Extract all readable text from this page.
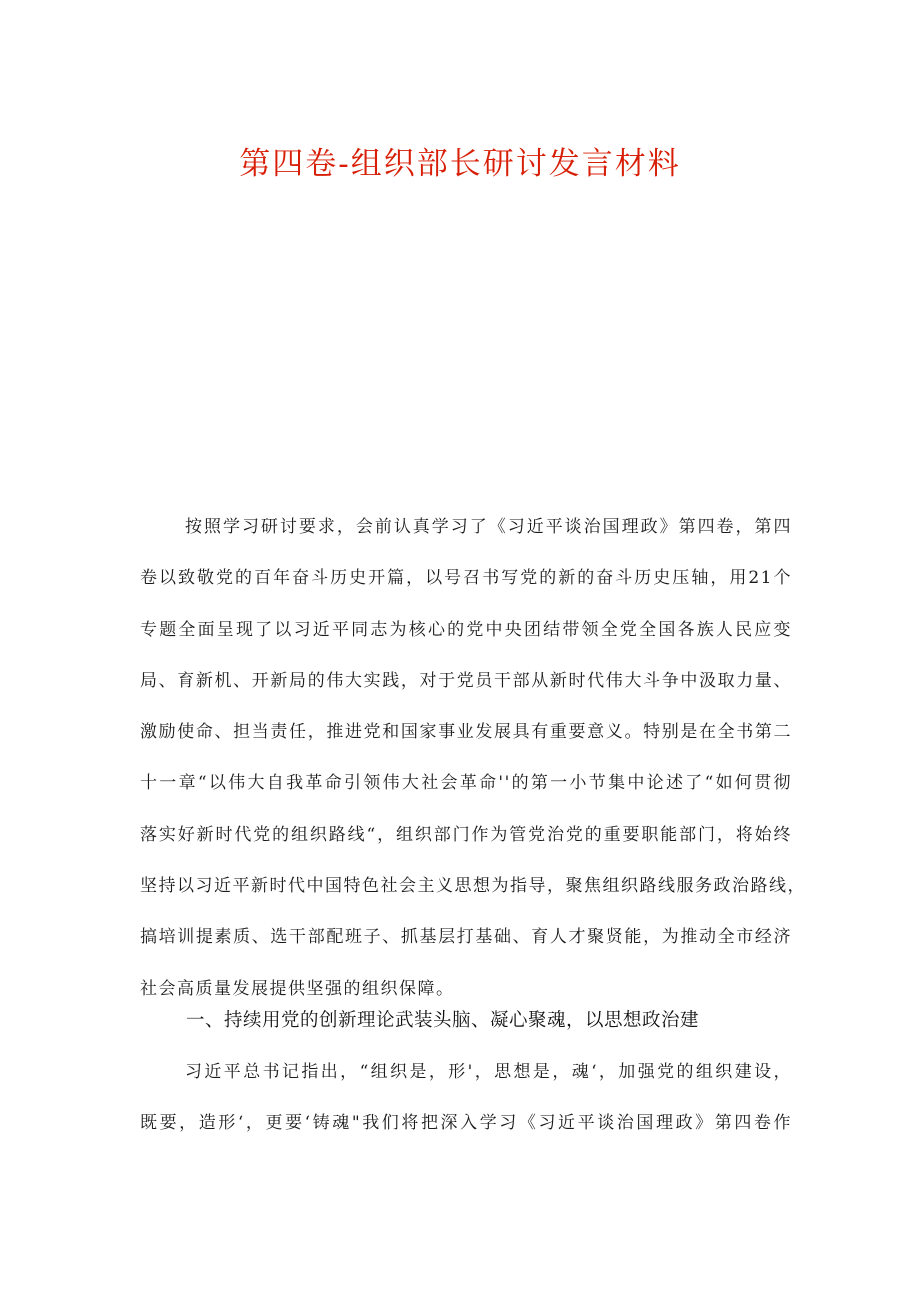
第四卷-组织部长研讨发言材料
按照学习研讨要求，会前认真学习了《习近平谈治国理政》第四卷，第四
卷以致敬党的百年奋斗历史开篇，以号召书写党的新的奋斗历史压轴，用21个
专题全面呈现了以习近平同志为核心的党中央团结带领全党全国各族人民应变
局、育新机、开新局的伟大实践，对于党员干部从新时代伟大斗争中汲取力量、
激励使命、担当责任，推进党和国家事业发展具有重要意义。特别是在全书第二
十一章“以伟大自我革命引领伟大社会革命''的第一小节集中论述了“如何贯彻
落实好新时代党的组织路线“，组织部门作为管党治党的重要职能部门，将始终
坚持以习近平新时代中国特色社会主义思想为指导，聚焦组织路线服务政治路线，
搞培训提素质、选干部配班子、抓基层打基础、育人才聚贤能，为推动全市经济
社会高质量发展提供坚强的组织保障。
一、持续用党的创新理论武装头脑、凝心聚魂，以思想政治建
习近平总书记指出，“组织是，形'，思想是，魂‘，加强党的组织建设，
既要，造形‘，更要‘铸魂"我们将把深入学习《习近平谈治国理政》第四卷作
